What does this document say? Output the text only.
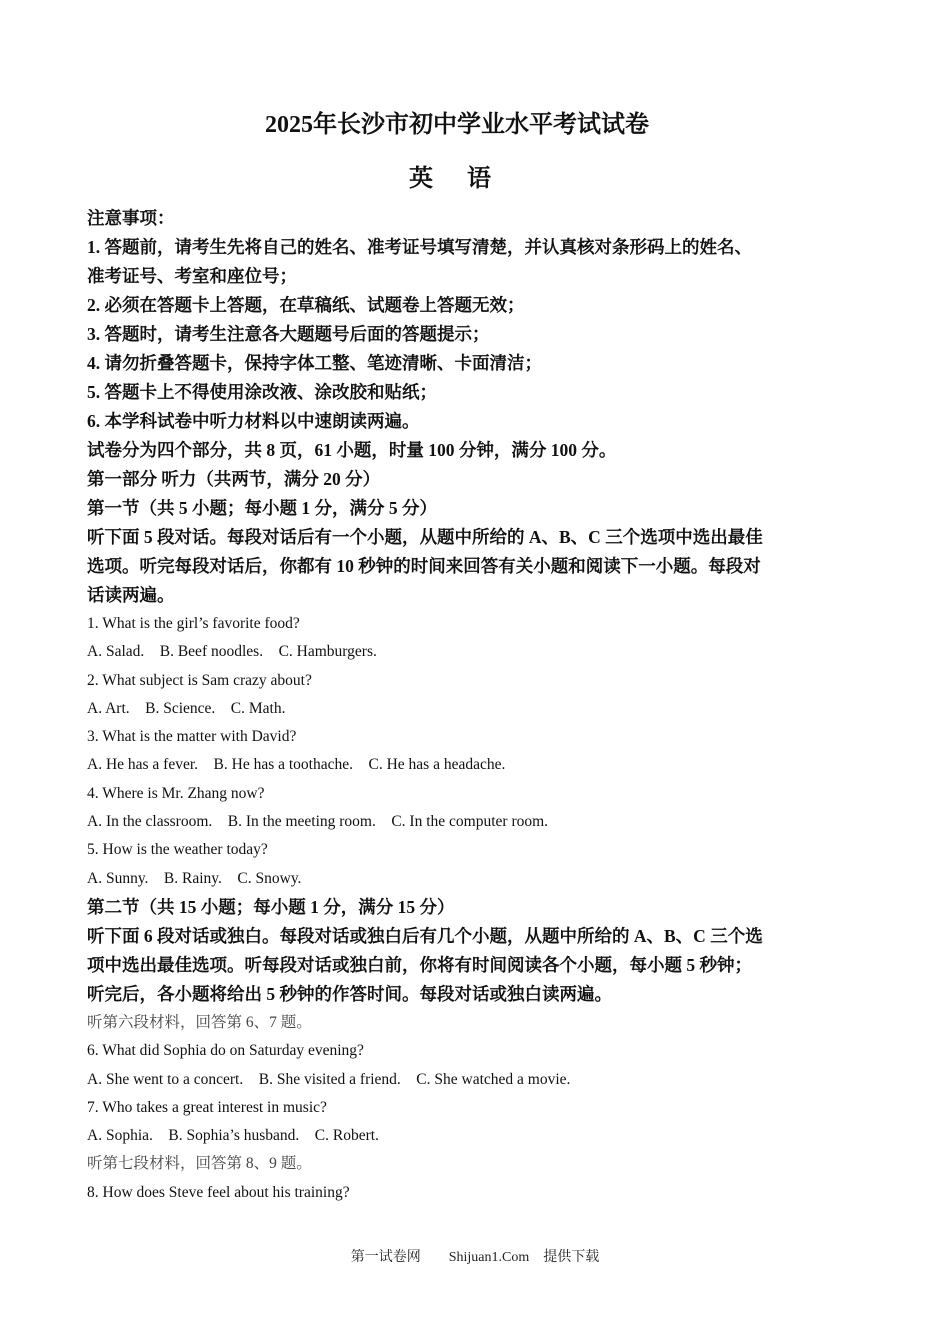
2025年长沙市初中学业水平考试试卷

英 语

注意事项：

1. 答题前，请考生先将自己的姓名、准考证号填写清楚，并认真核对条形码上的姓名、

准考证号、考室和座位号；

2. 必须在答题卡上答题，在草稿纸、试题卷上答题无效；

3. 答题时，请考生注意各大题题号后面的答题提示；

4. 请勿折叠答题卡，保持字体工整、笔迹清晰、卡面清洁；

5. 答题卡上不得使用涂改液、涂改胶和贴纸；

6. 本学科试卷中听力材料以中速朗读两遍。

试卷分为四个部分，共 8 页，61 小题，时量 100 分钟，满分 100 分。

第一部分 听力（共两节，满分 20 分）

第一节（共 5 小题；每小题 1 分，满分 5 分）

听下面 5 段对话。每段对话后有一个小题，从题中所给的 A、B、C 三个选项中选出最佳

选项。听完每段对话后，你都有 10 秒钟的时间来回答有关小题和阅读下一小题。每段对

话读两遍。

1. What is the girl’s favorite food?

A. Salad.    B. Beef noodles.    C. Hamburgers.

2. What subject is Sam crazy about?

A. Art.    B. Science.    C. Math.

3. What is the matter with David?

A. He has a fever.    B. He has a toothache.    C. He has a headache.

4. Where is Mr. Zhang now?

A. In the classroom.    B. In the meeting room.    C. In the computer room.

5. How is the weather today?

A. Sunny.    B. Rainy.    C. Snowy.

第二节（共 15 小题；每小题 1 分，满分 15 分）

听下面 6 段对话或独白。每段对话或独白后有几个小题，从题中所给的 A、B、C 三个选

项中选出最佳选项。听每段对话或独白前，你将有时间阅读各个小题，每小题 5 秒钟；

听完后，各小题将给出 5 秒钟的作答时间。每段对话或独白读两遍。

听第六段材料，回答第 6、7 题。

6. What did Sophia do on Saturday evening?

A. She went to a concert.    B. She visited a friend.    C. She watched a movie.

7. Who takes a great interest in music?

A. Sophia.    B. Sophia’s husband.    C. Robert.

听第七段材料，回答第 8、9 题。

8. How does Steve feel about his training?

第一试卷网        Shijuan1.Com    提供下载
